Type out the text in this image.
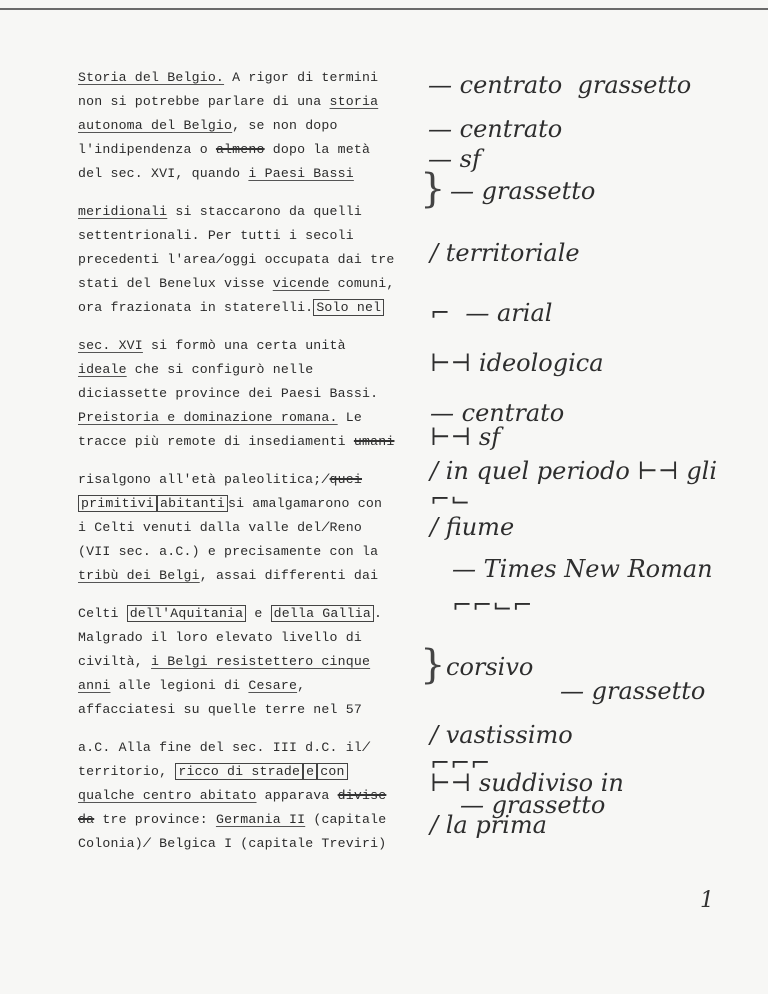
Storia del Belgio. A rigor di termini
non si potrebbe parlare di una storia
autonoma del Belgio, se non dopo
l'indipendenza o almeno dopo la metà
del sec. XVI, quando i Paesi Bassi
meridionali si staccarono da quelli
settentrionali. Per tutti i secoli
precedenti l'area/oggi occupata dai tre
stati del Benelux visse vicende comuni,
ora frazionata in staterelli. Solo nel
sec. XVI si formò una certa unità
ideale che si configurò nelle
diciassette province dei Paesi Bassi.
Preistoria e dominazione romana. Le
tracce più remote di insediamenti umani
risalgono all'età paleolitica;/quei
primitivi abitanti si amalgamarono con
i Celti venuti dalla valle del/Reno
(VII sec. a.C.) e precisamente con la
tribù dei Belgi, assai differenti dai
Celti dell'Aquitania e della Gallia .
Malgrado il loro elevato livello di
civiltà, i Belgi resistettero cinque
anni alle legioni di Cesare,
affacciatesi su quelle terre nel 57
a.C. Alla fine del sec. III d.C. il/
territorio, ricco di strade e con
qualche centro abitato apparava divise
da tre province: Germania II (capitale
Colonia)/ Belgica I (capitale Treviri)
— centrato  grassetto
— centrato
— sf
} — grassetto
/ territoriale
⌐  — arial
⊢⊣ ideologica
— centrato
⊢⊣ sf
/ in quel periodo ⊢⊣ gli
⌐⌙
/ fiume
— Times New Roman
⌐⌐⌙⌐
} corsivo
— grassetto
/ vastissimo
⌐⌐⌐
⊢⊣ suddiviso in
— grassetto
/ la prima
1
